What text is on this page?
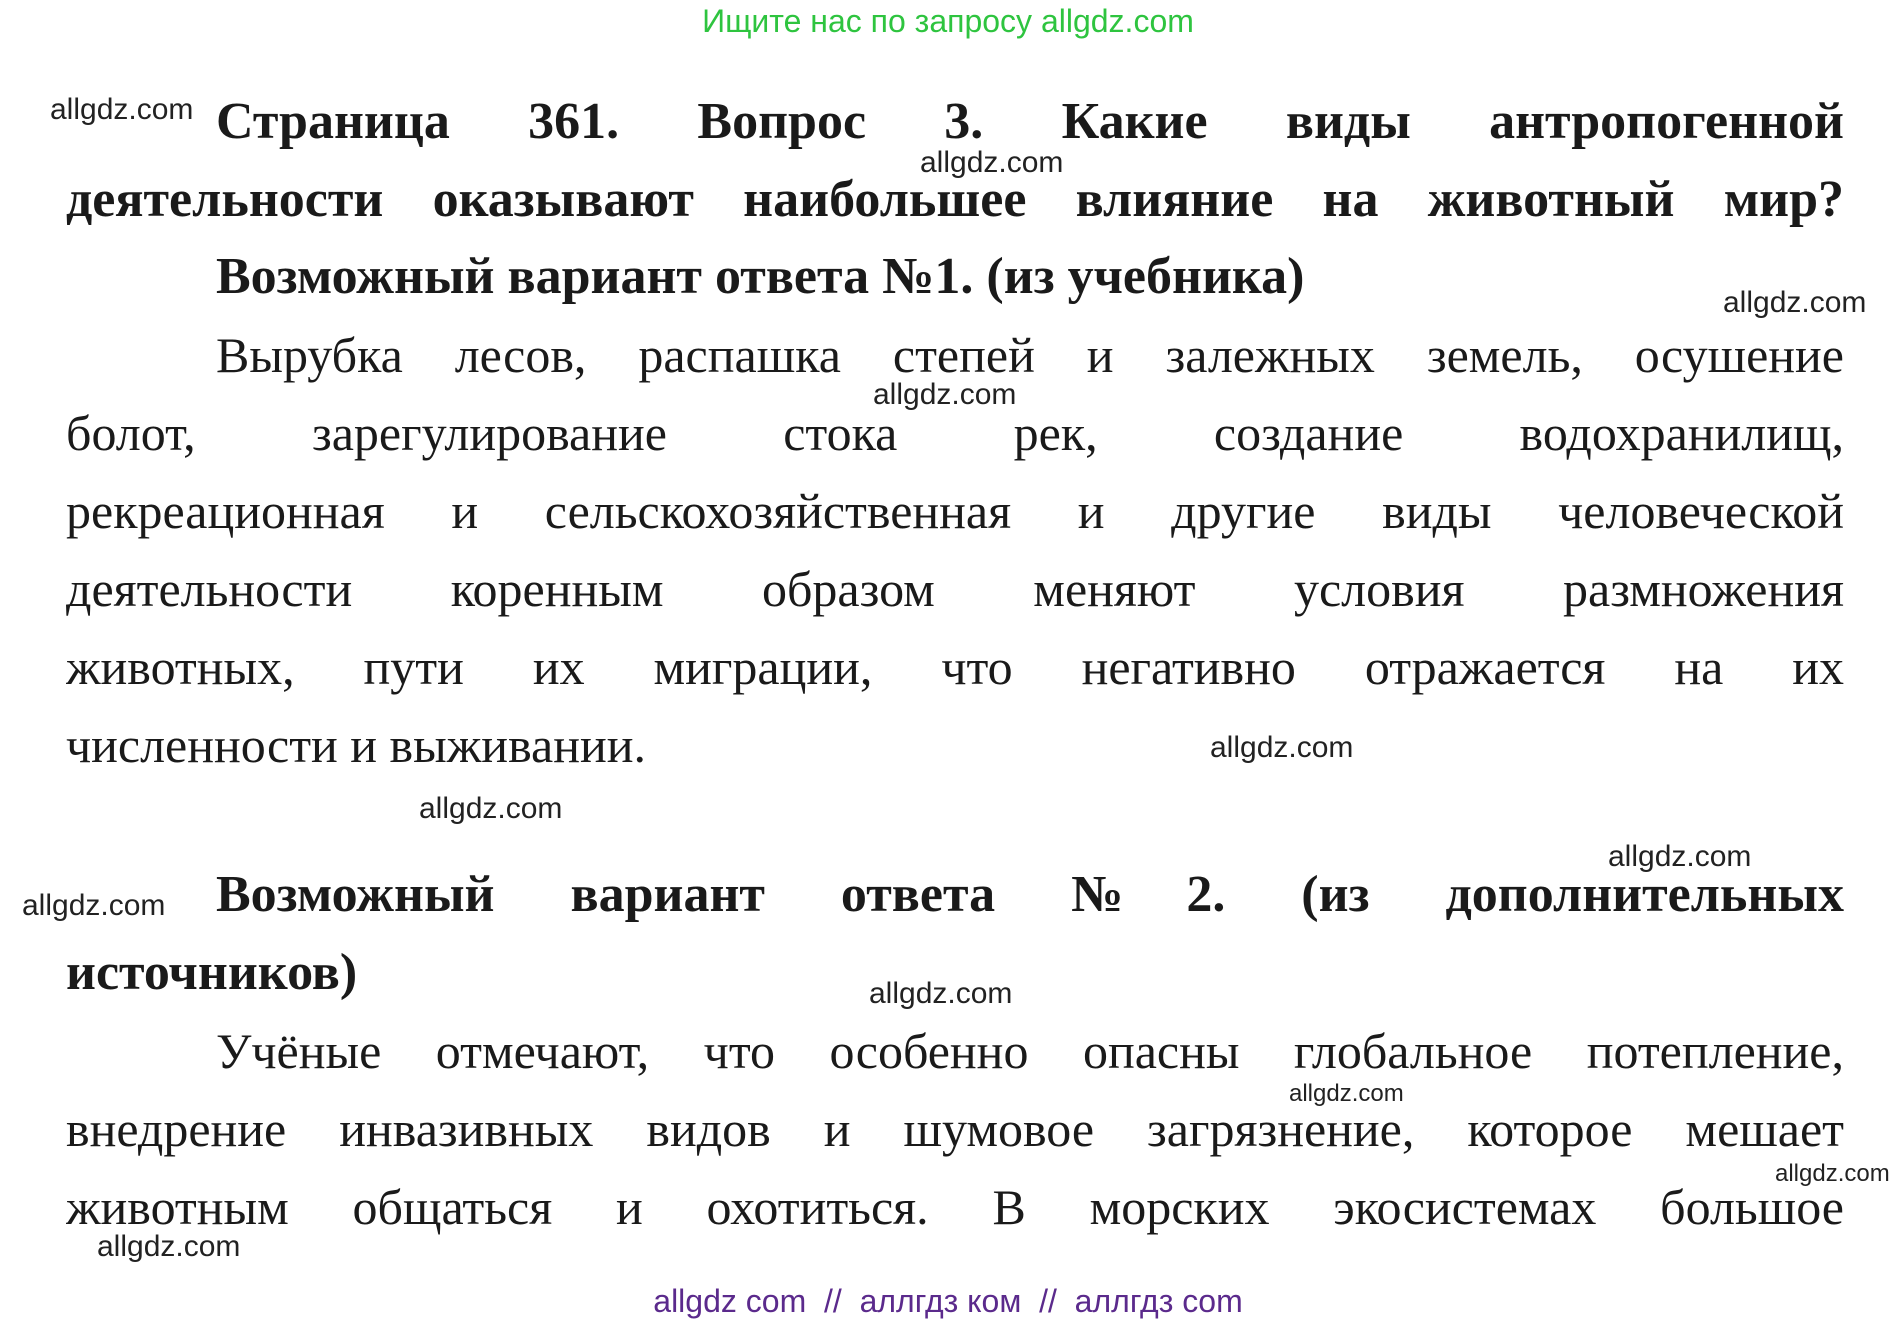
Ищите нас по запросу allgdz.com
Страница 361. Вопрос 3. Какие виды антропогенной
деятельности оказывают наибольшее влияние на животный мир?
Возможный вариант ответа №1. (из учебника)
Вырубка лесов, распашка степей и залежных земель, осушение
болот, зарегулирование стока рек, создание водохранилищ,
рекреационная и сельскохозяйственная и другие виды человеческой
деятельности коренным образом меняют условия размножения
животных, пути их миграции, что негативно отражается на их
численности и выживании.
Возможный вариант ответа №2. (из дополнительных
источников)
Учёные отмечают, что особенно опасны глобальное потепление,
внедрение инвазивных видов и шумовое загрязнение, которое мешает
животным общаться и охотиться. В морских экосистемах большое
allgdz.com
allgdz.com
allgdz.com
allgdz.com
allgdz.com
allgdz.com
allgdz.com
allgdz.com
allgdz.com
allgdz.com
allgdz.com
allgdz.com
allgdz com  //  аллгдз ком  //  аллгдз com
